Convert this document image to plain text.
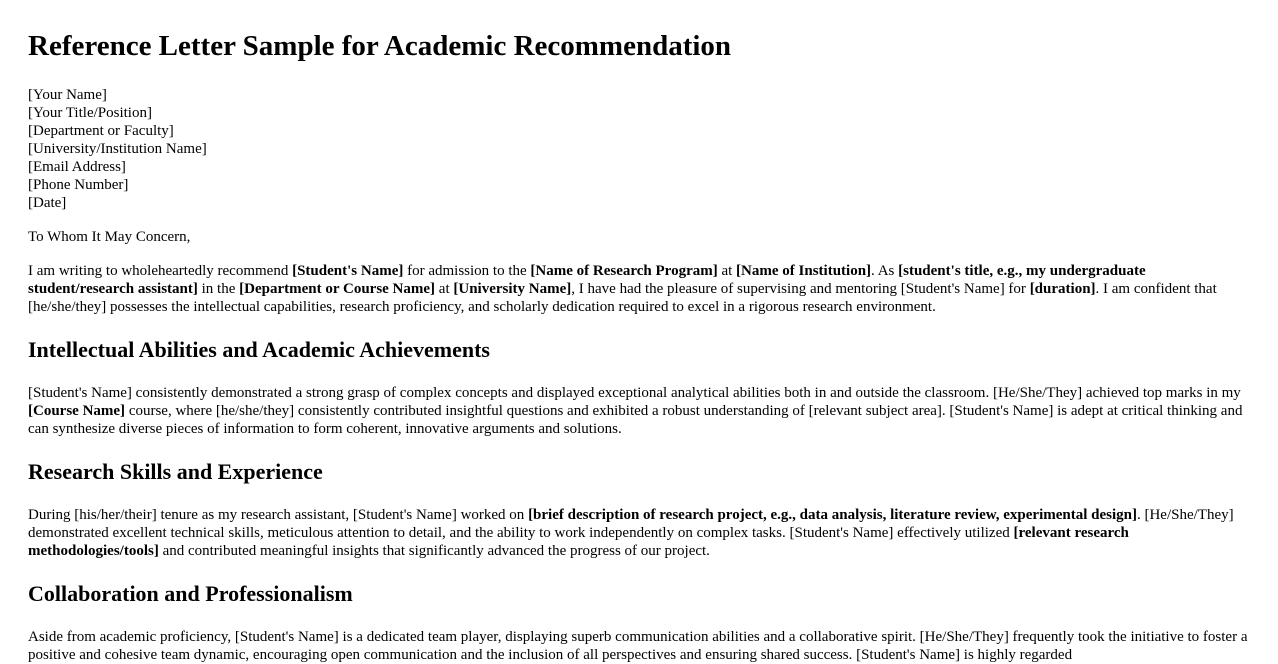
Reference Letter Sample for Academic Recommendation
[Your Name]
[Your Title/Position]
[Department or Faculty]
[University/Institution Name]
[Email Address]
[Phone Number]
[Date]
To Whom It May Concern,

I am writing to wholeheartedly recommend [Student's Name] for admission to the [Name of Research Program] at [Name of Institution]. As [student's title, e.g., my undergraduate student/research assistant] in the [Department or Course Name] at [University Name], I have had the pleasure of supervising and mentoring [Student's Name] for [duration]. I am confident that [he/she/they] possesses the intellectual capabilities, research proficiency, and scholarly dedication required to excel in a rigorous research environment.

Intellectual Abilities and Academic Achievements

[Student's Name] consistently demonstrated a strong grasp of complex concepts and displayed exceptional analytical abilities both in and outside the classroom. [He/She/They] achieved top marks in my [Course Name] course, where [he/she/they] consistently contributed insightful questions and exhibited a robust understanding of [relevant subject area]. [Student's Name] is adept at critical thinking and can synthesize diverse pieces of information to form coherent, innovative arguments and solutions.

Research Skills and Experience

During [his/her/their] tenure as my research assistant, [Student's Name] worked on [brief description of research project, e.g., data analysis, literature review, experimental design]. [He/She/They] demonstrated excellent technical skills, meticulous attention to detail, and the ability to work independently on complex tasks. [Student's Name] effectively utilized [relevant research methodologies/tools] and contributed meaningful insights that significantly advanced the progress of our project.

Collaboration and Professionalism

Aside from academic proficiency, [Student's Name] is a dedicated team player, displaying superb communication abilities and a collaborative spirit. [He/She/They] frequently took the initiative to foster a positive and cohesive team dynamic, encouraging open communication and the inclusion of all perspectives and ensuring shared success. [Student's Name] is highly regarded
